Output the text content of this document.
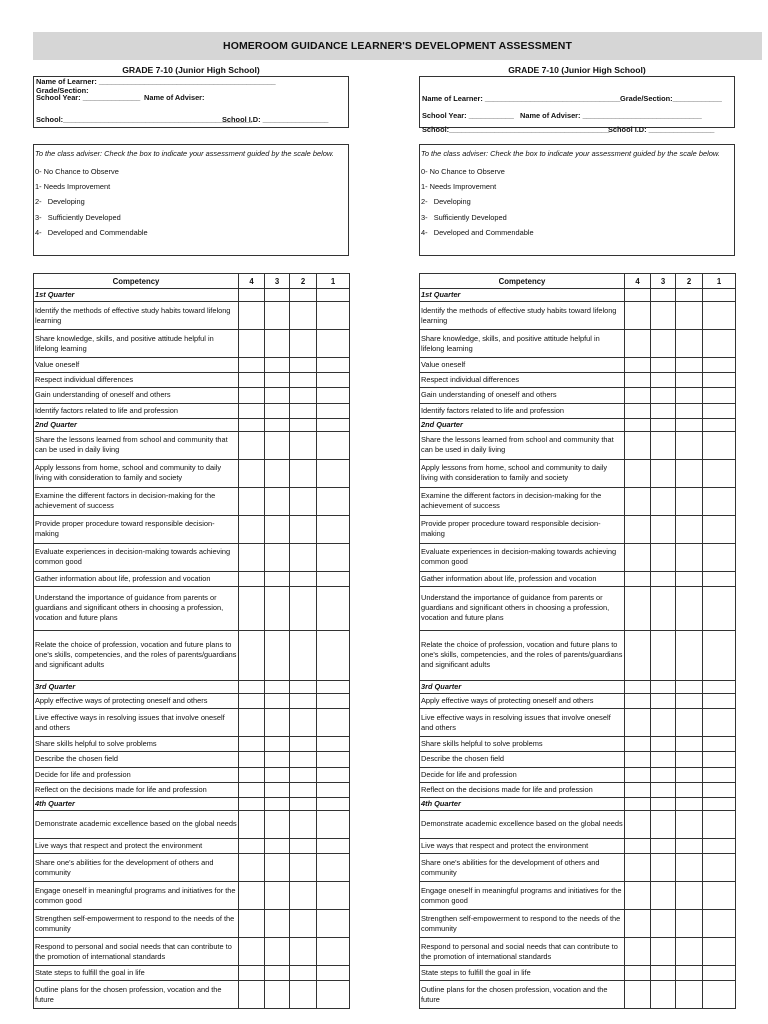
HOMEROOM GUIDANCE LEARNER'S DEVELOPMENT ASSESSMENT
GRADE 7-10 (Junior High School)
Name of Learner: ___________________________________________
Grade/Section:
School Year: ______________ Name of Adviser:
School:______________________________________________
School I.D: ________________
To the class adviser: Check the box to indicate your assessment guided by the scale below.
0- No Chance to Observe
1- Needs Improvement
2-   Developing
3-   Sufficiently Developed
4-   Developed and Commendable
Competency	4	3	2	1
1st Quarter				
Identify the methods of effective study habits toward lifelong learning				
Share knowledge, skills, and positive attitude helpful in lifelong learning				
Value oneself				
Respect individual differences				
Gain understanding of oneself and others				
Identify factors related to life and profession				
2nd Quarter				
Share the lessons learned from school and community that can be used in daily living				
Apply lessons from home, school and community to daily living with consideration to family and society				
Examine the different factors in decision-making for the achievement of success				
Provide proper procedure toward responsible decision-making				
Evaluate experiences in decision-making towards achieving common good				
Gather information about life, profession and vocation				
Understand the importance of guidance from parents or guardians and significant others in choosing a profession, vocation and future plans				
Relate the choice of profession, vocation and future plans to one's skills, competencies, and the roles of parents/guardians and significant adults				
3rd Quarter				
Apply effective ways of protecting oneself and others				
Live effective ways in resolving issues that involve oneself and others				
Share skills helpful to solve problems				
Describe the chosen field				
Decide for life and profession				
Reflect on the decisions made for life and profession				
4th Quarter				
Demonstrate academic excellence based on the global needs				
Live ways that respect and protect the environment				
Share one's abilities for the development of others and community				
Engage oneself in meaningful programs and initiatives for the common good				
Strengthen self-empowerment to respond to the needs of the community				
Respond to personal and social needs that can contribute to the promotion of international standards				
State steps to fulfill the goal in life				
Outline plans for the chosen profession, vocation and the future				
GRADE 7-10 (Junior High School)
Name of Learner: _________________________________ Grade/Section:____________
School Year: ___________ Name of Adviser: _____________________________
School:_______________________________________
School I.D: ________________
To the class adviser: Check the box to indicate your assessment guided by the scale below.
0- No Chance to Observe
1- Needs Improvement
2-   Developing
3-   Sufficiently Developed
4-   Developed and Commendable
Competency	4	3	2	1
1st Quarter				
Identify the methods of effective study habits toward lifelong learning				
Share knowledge, skills, and positive attitude helpful in lifelong learning				
Value oneself				
Respect individual differences				
Gain understanding of oneself and others				
Identify factors related to life and profession				
2nd Quarter				
Share the lessons learned from school and community that can be used in daily living				
Apply lessons from home, school and community to daily living with consideration to family and society				
Examine the different factors in decision-making for the achievement of success				
Provide proper procedure toward responsible decision-making				
Evaluate experiences in decision-making towards achieving common good				
Gather information about life, profession and vocation				
Understand the importance of guidance from parents or guardians and significant others in choosing a profession, vocation and future plans				
Relate the choice of profession, vocation and future plans to one's skills, competencies, and the roles of parents/guardians and significant adults				
3rd Quarter				
Apply effective ways of protecting oneself and others				
Live effective ways in resolving issues that involve oneself and others				
Share skills helpful to solve problems				
Describe the chosen field				
Decide for life and profession				
Reflect on the decisions made for life and profession				
4th Quarter				
Demonstrate academic excellence based on the global needs				
Live ways that respect and protect the environment				
Share one's abilities for the development of others and community				
Engage oneself in meaningful programs and initiatives for the common good				
Strengthen self-empowerment to respond to the needs of the community				
Respond to personal and social needs that can contribute to the promotion of international standards				
State steps to fulfill the goal in life				
Outline plans for the chosen profession, vocation and the future				
